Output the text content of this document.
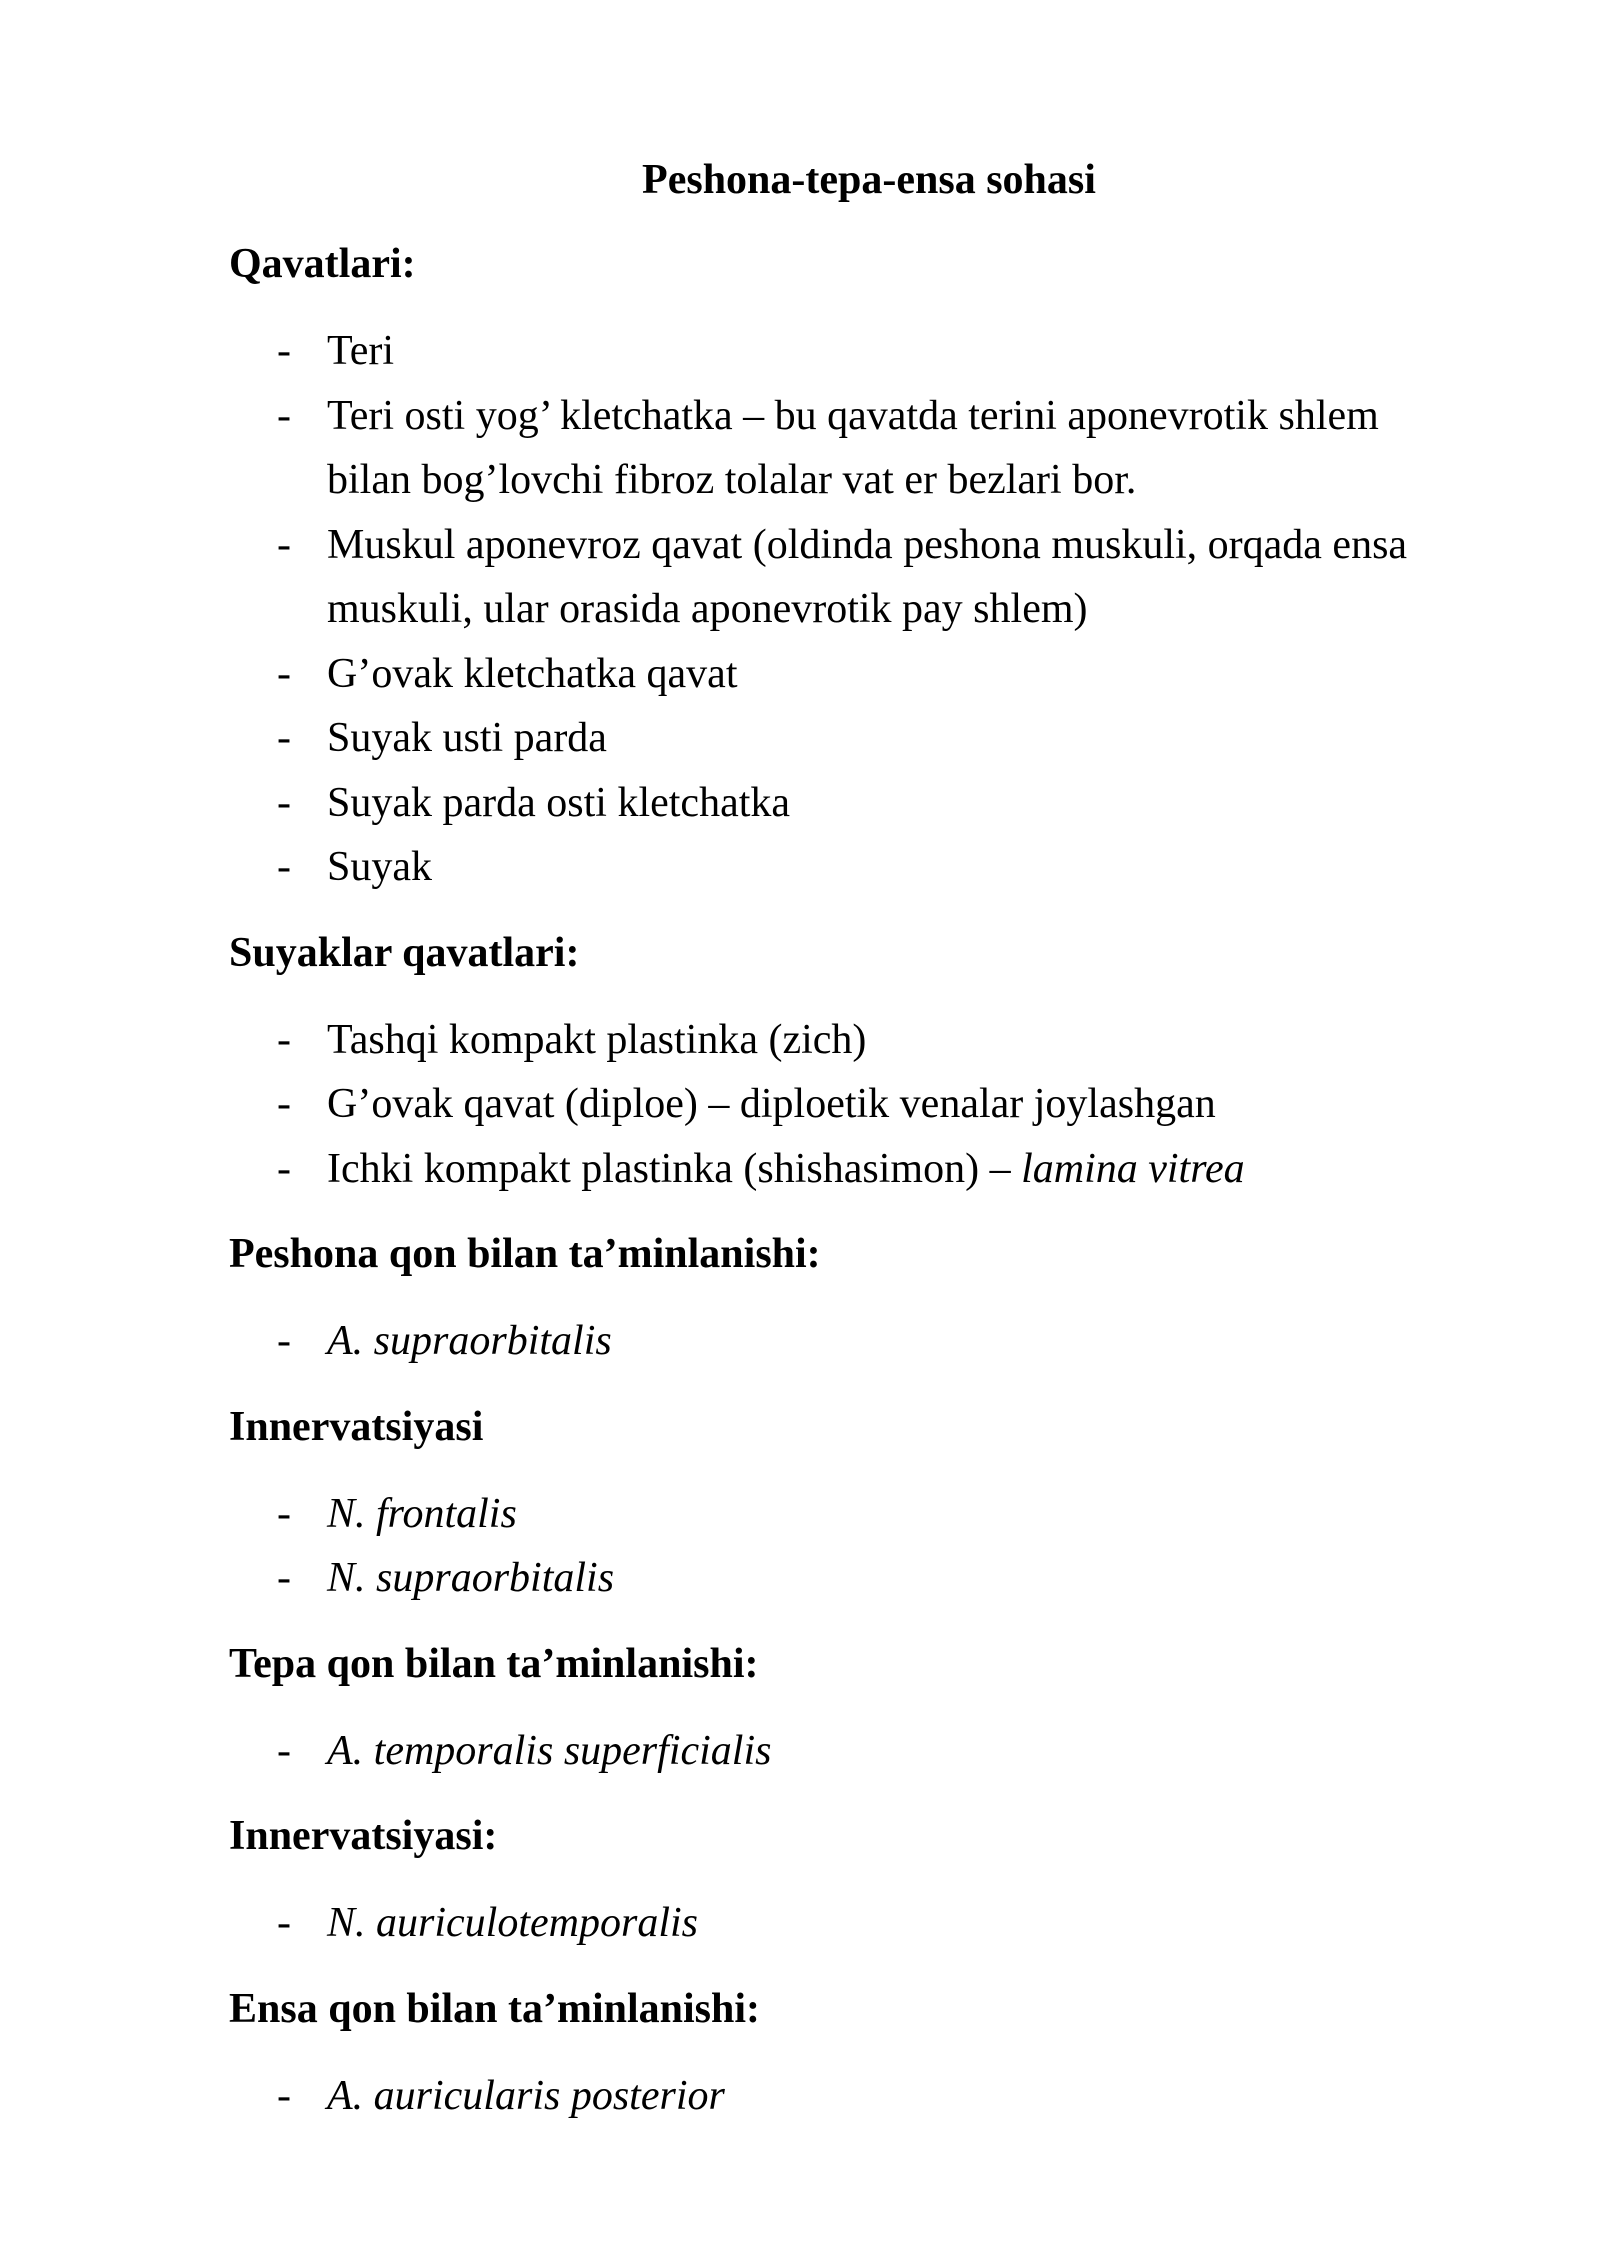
Peshona-tepa-ensa sohasi
Qavatlari:
- Teri
- Teri osti yog’ kletchatka – bu qavatda terini aponevrotik shlem bilan bog’lovchi fibroz tolalar vat er bezlari bor.
- Muskul aponevroz qavat (oldinda peshona muskuli, orqada ensa muskuli, ular orasida aponevrotik pay shlem)
- G’ovak kletchatka qavat
- Suyak usti parda
- Suyak parda osti kletchatka
- Suyak
Suyaklar qavatlari:
- Tashqi kompakt plastinka (zich)
- G’ovak qavat (diploe) – diploetik venalar joylashgan
- Ichki kompakt plastinka (shishasimon) – lamina vitrea
Peshona qon bilan ta’minlanishi:
- A. supraorbitalis
Innervatsiyasi
- N. frontalis
- N. supraorbitalis
Tepa qon bilan ta’minlanishi:
- A. temporalis superficialis
Innervatsiyasi:
- N. auriculotemporalis
Ensa qon bilan ta’minlanishi:
- A. auricularis posterior
